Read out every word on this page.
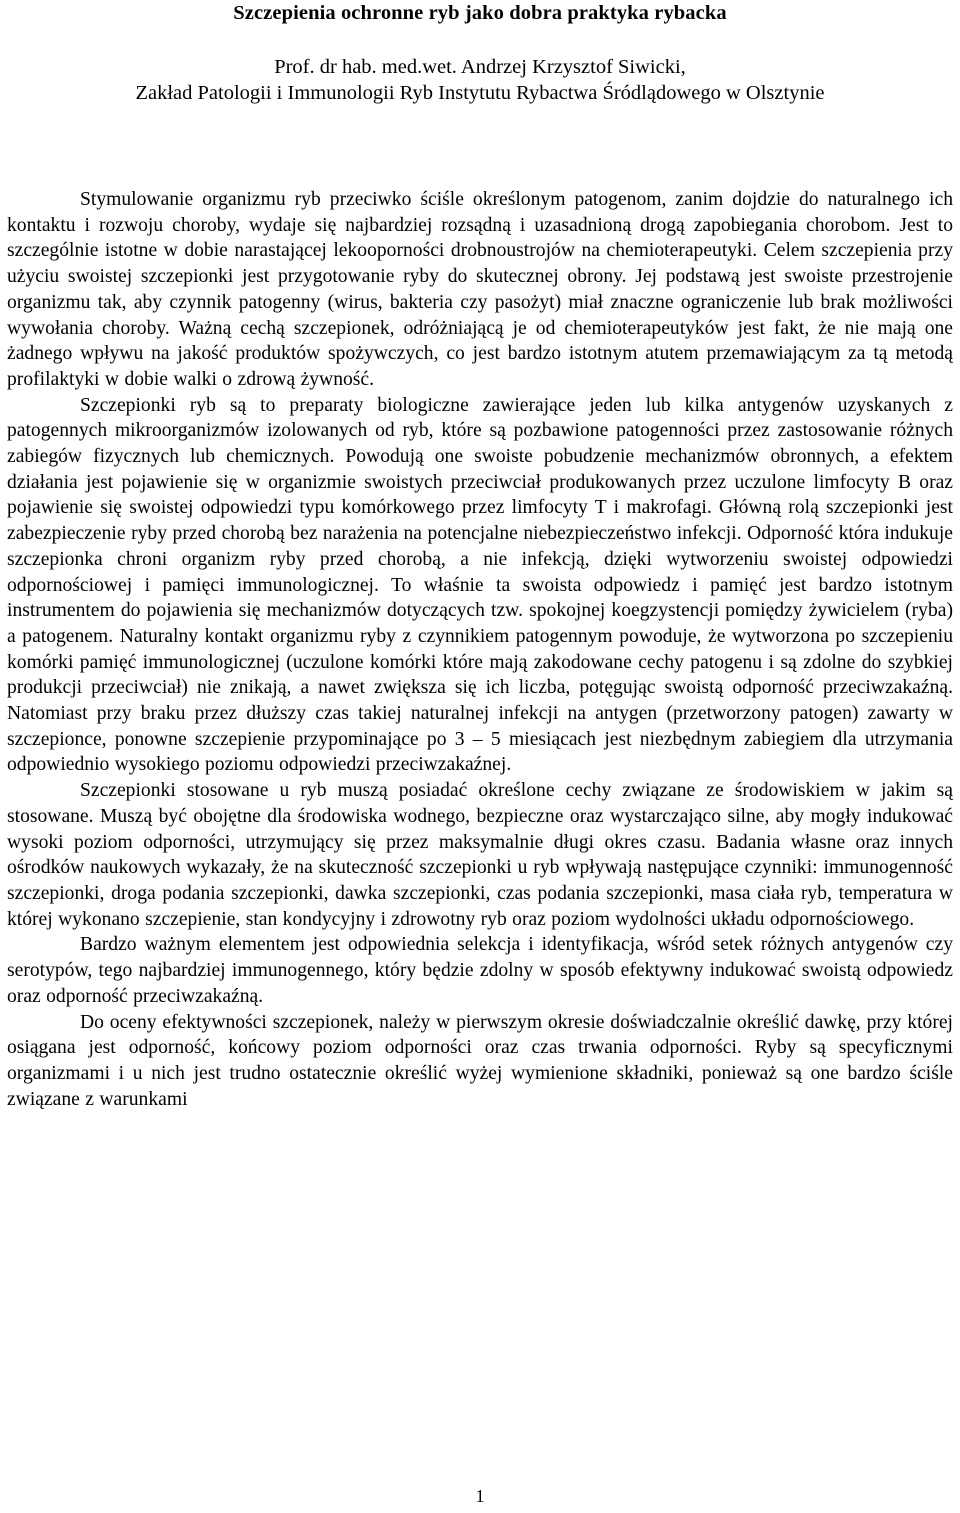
Szczepienia ochronne ryb jako dobra praktyka rybacka
Prof. dr hab. med.wet. Andrzej Krzysztof Siwicki,
Zakład Patologii i Immunologii Ryb Instytutu Rybactwa Śródlądowego w Olsztynie

Stymulowanie organizmu ryb przeciwko ściśle określonym patogenom, zanim dojdzie do naturalnego ich kontaktu i rozwoju choroby, wydaje się najbardziej rozsądną i uzasadnioną drogą zapobiegania chorobom. Jest to szczególnie istotne w dobie narastającej lekooporności drobnoustrojów na chemioterapeutyki. Celem szczepienia przy użyciu swoistej szczepionki jest przygotowanie ryby do skutecznej obrony. Jej podstawą jest swoiste przestrojenie organizmu tak, aby czynnik patogenny (wirus, bakteria czy pasożyt) miał znaczne ograniczenie lub brak możliwości wywołania choroby. Ważną cechą szczepionek, odróżniającą je od chemioterapeutyków jest fakt, że nie mają one żadnego wpływu na jakość produktów spożywczych, co jest bardzo istotnym atutem przemawiającym za tą metodą profilaktyki w dobie walki o zdrową żywność.

Szczepionki ryb są to preparaty biologiczne zawierające jeden lub kilka antygenów uzyskanych z patogennych mikroorganizmów izolowanych od ryb, które są pozbawione patogenności przez zastosowanie różnych zabiegów fizycznych lub chemicznych. Powodują one swoiste pobudzenie mechanizmów obronnych, a efektem działania jest pojawienie się w organizmie swoistych przeciwciał produkowanych przez uczulone limfocyty B oraz pojawienie się swoistej odpowiedzi typu komórkowego przez limfocyty T i makrofagi. Główną rolą szczepionki jest zabezpieczenie ryby przed chorobą bez narażenia na potencjalne niebezpieczeństwo infekcji. Odporność która indukuje szczepionka chroni organizm ryby przed chorobą, a nie infekcją, dzięki wytworzeniu swoistej odpowiedzi odpornościowej i pamięci immunologicznej. To właśnie ta swoista odpowiedz i pamięć jest bardzo istotnym instrumentem do pojawienia się mechanizmów dotyczących tzw. spokojnej koegzystencji pomiędzy żywicielem (ryba) a patogenem. Naturalny kontakt organizmu ryby z czynnikiem patogennym powoduje, że wytworzona po szczepieniu komórki pamięć immunologicznej (uczulone komórki które mają zakodowane cechy patogenu i są zdolne do szybkiej produkcji przeciwciał) nie znikają, a nawet zwiększa się ich liczba, potęgując swoistą odporność przeciwzakaźną. Natomiast przy braku przez dłuższy czas takiej naturalnej infekcji na antygen (przetworzony patogen) zawarty w szczepionce, ponowne szczepienie przypominające po 3 – 5 miesiącach jest niezbędnym zabiegiem dla utrzymania odpowiednio wysokiego poziomu odpowiedzi przeciwzakaźnej.

Szczepionki stosowane u ryb muszą posiadać określone cechy związane ze środowiskiem w jakim są stosowane. Muszą być obojętne dla środowiska wodnego, bezpieczne oraz wystarczająco silne, aby mogły indukować wysoki poziom odporności, utrzymujący się przez maksymalnie długi okres czasu. Badania własne oraz innych ośrodków naukowych wykazały, że na skuteczność szczepionki u ryb wpływają następujące czynniki: immunogenność szczepionki, droga podania szczepionki, dawka szczepionki, czas podania szczepionki, masa ciała ryb, temperatura w której wykonano szczepienie, stan kondycyjny i zdrowotny ryb oraz poziom wydolności układu odpornościowego.

Bardzo ważnym elementem jest odpowiednia selekcja i identyfikacja, wśród setek różnych antygenów czy serotypów, tego najbardziej immunogennego, który będzie zdolny w sposób efektywny indukować swoistą odpowiedz oraz odporność przeciwzakaźną.

Do oceny efektywności szczepionek, należy w pierwszym okresie doświadczalnie określić dawkę, przy której osiągana jest odporność, końcowy poziom odporności oraz czas trwania odporności. Ryby są specyficznymi organizmami i u nich jest trudno ostatecznie określić wyżej wymienione składniki, ponieważ są one bardzo ściśle związane z warunkami

1
